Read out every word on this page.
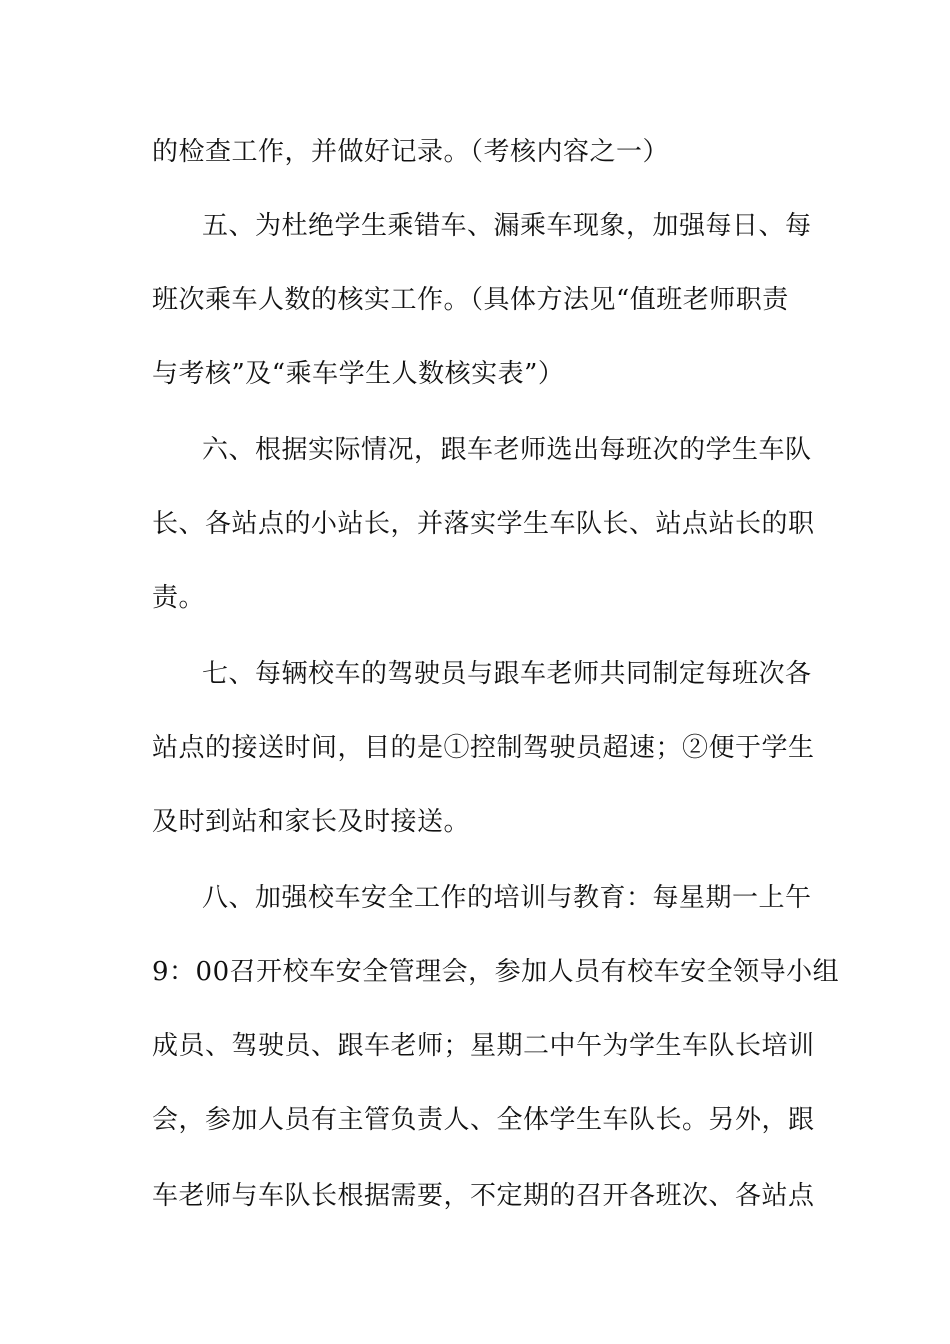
的检查工作，并做好记录。（考核内容之一）
五、为杜绝学生乘错车、漏乘车现象，加强每日、每
班次乘车人数的核实工作。（具体方法见“值班老师职责
与考核”及“乘车学生人数核实表”）
六、根据实际情况，跟车老师选出每班次的学生车队
长、各站点的小站长，并落实学生车队长、站点站长的职
责。
七、每辆校车的驾驶员与跟车老师共同制定每班次各
站点的接送时间，目的是①控制驾驶员超速；②便于学生
及时到站和家长及时接送。
八、加强校车安全工作的培训与教育：每星期一上午
9：00召开校车安全管理会，参加人员有校车安全领导小组
成员、驾驶员、跟车老师；星期二中午为学生车队长培训
会，参加人员有主管负责人、全体学生车队长。另外，跟
车老师与车队长根据需要，不定期的召开各班次、各站点
